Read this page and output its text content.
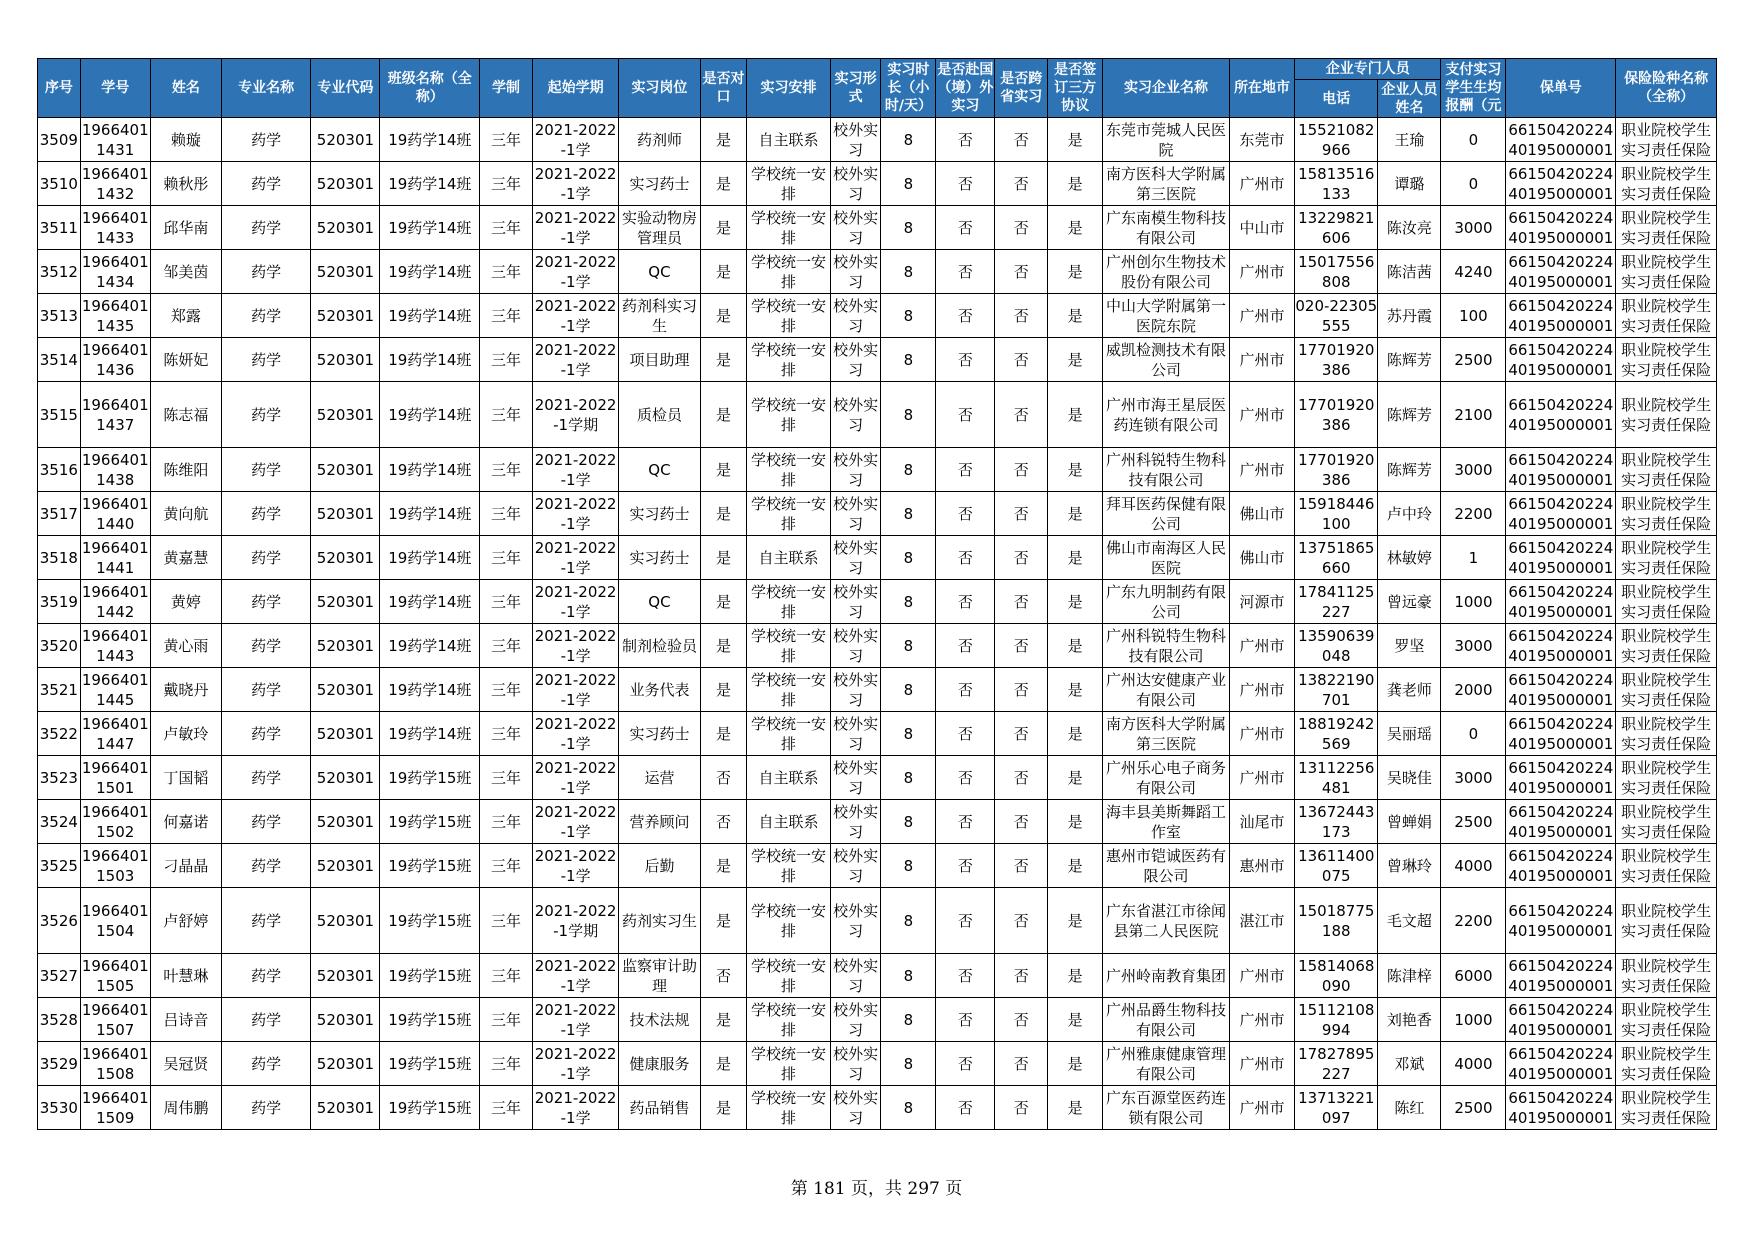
序号	学号	姓名	专业名称	专业代码	班级名称（全称）	学制	起始学期	实习岗位	是否对口	实习安排	实习形式	实习时长（小时/天）	是否赴国（境）外实习	是否跨省实习	是否签订三方协议	实习企业名称	所在地市	企业专门人员		支付实习学生生均报酬（元	保单号	保险险种名称（全称）
																		电话	企业人员姓名			

3509	19664011431	赖璇	药学	520301	19药学14班	三年	2021-2022-1学	药剂师	是	自主联系	校外实习	8	否	否	是	东莞市莞城人民医院	东莞市	15521082966	王瑜	0	6615042022440195000001	职业院校学生实习责任保险

3510	19664011432	赖秋彤	药学	520301	19药学14班	三年	2021-2022-1学	实习药士	是	学校统一安排	校外实习	8	否	否	是	南方医科大学附属第三医院	广州市	15813516133	谭璐	0	6615042022440195000001	职业院校学生实习责任保险

3511	19664011433	邱华南	药学	520301	19药学14班	三年	2021-2022-1学	实验动物房管理员	是	学校统一安排	校外实习	8	否	否	是	广东南模生物科技有限公司	中山市	13229821606	陈汝亮	3000	6615042022440195000001	职业院校学生实习责任保险

3512	19664011434	邹美茵	药学	520301	19药学14班	三年	2021-2022-1学	QC	是	学校统一安排	校外实习	8	否	否	是	广州创尔生物技术股份有限公司	广州市	15017556808	陈洁茜	4240	6615042022440195000001	职业院校学生实习责任保险

3513	19664011435	郑露	药学	520301	19药学14班	三年	2021-2022-1学	药剂科实习生	是	学校统一安排	校外实习	8	否	否	是	中山大学附属第一医院东院	广州市	020-22305555	苏丹霞	100	6615042022440195000001	职业院校学生实习责任保险

3514	19664011436	陈妍妃	药学	520301	19药学14班	三年	2021-2022-1学	项目助理	是	学校统一安排	校外实习	8	否	否	是	威凯检测技术有限公司	广州市	17701920386	陈辉芳	2500	6615042022440195000001	职业院校学生实习责任保险

3515	19664011437	陈志福	药学	520301	19药学14班	三年	2021-2022-1学期	质检员	是	学校统一安排	校外实习	8	否	否	是	广州市海王星辰医药连锁有限公司	广州市	17701920386	陈辉芳	2100	6615042022440195000001	职业院校学生实习责任保险

3516	19664011438	陈维阳	药学	520301	19药学14班	三年	2021-2022-1学	QC	是	学校统一安排	校外实习	8	否	否	是	广州科锐特生物科技有限公司	广州市	17701920386	陈辉芳	3000	6615042022440195000001	职业院校学生实习责任保险

3517	19664011440	黄向航	药学	520301	19药学14班	三年	2021-2022-1学	实习药士	是	学校统一安排	校外实习	8	否	否	是	拜耳医药保健有限公司	佛山市	15918446100	卢中玲	2200	6615042022440195000001	职业院校学生实习责任保险

3518	19664011441	黄嘉慧	药学	520301	19药学14班	三年	2021-2022-1学	实习药士	是	自主联系	校外实习	8	否	否	是	佛山市南海区人民医院	佛山市	13751865660	林敏婷	1	6615042022440195000001	职业院校学生实习责任保险

3519	19664011442	黄婷	药学	520301	19药学14班	三年	2021-2022-1学	QC	是	学校统一安排	校外实习	8	否	否	是	广东九明制药有限公司	河源市	17841125227	曾远豪	1000	6615042022440195000001	职业院校学生实习责任保险

3520	19664011443	黄心雨	药学	520301	19药学14班	三年	2021-2022-1学	制剂检验员	是	学校统一安排	校外实习	8	否	否	是	广州科锐特生物科技有限公司	广州市	13590639048	罗坚	3000	6615042022440195000001	职业院校学生实习责任保险

3521	19664011445	戴晓丹	药学	520301	19药学14班	三年	2021-2022-1学	业务代表	是	学校统一安排	校外实习	8	否	否	是	广州达安健康产业有限公司	广州市	13822190701	龚老师	2000	6615042022440195000001	职业院校学生实习责任保险

3522	19664011447	卢敏玲	药学	520301	19药学14班	三年	2021-2022-1学	实习药士	是	学校统一安排	校外实习	8	否	否	是	南方医科大学附属第三医院	广州市	18819242569	吴丽瑶	0	6615042022440195000001	职业院校学生实习责任保险

3523	19664011501	丁国韬	药学	520301	19药学15班	三年	2021-2022-1学	运营	否	自主联系	校外实习	8	否	否	是	广州乐心电子商务有限公司	广州市	13112256481	吴晓佳	3000	6615042022440195000001	职业院校学生实习责任保险

3524	19664011502	何嘉诺	药学	520301	19药学15班	三年	2021-2022-1学	营养顾问	否	自主联系	校外实习	8	否	否	是	海丰县美斯舞蹈工作室	汕尾市	13672443173	曾蝉娟	2500	6615042022440195000001	职业院校学生实习责任保险

3525	19664011503	刁晶晶	药学	520301	19药学15班	三年	2021-2022-1学	后勤	是	学校统一安排	校外实习	8	否	否	是	惠州市铠诚医药有限公司	惠州市	13611400075	曾琳玲	4000	6615042022440195000001	职业院校学生实习责任保险

3526	19664011504	卢舒婷	药学	520301	19药学15班	三年	2021-2022-1学期	药剂实习生	是	学校统一安排	校外实习	8	否	否	是	广东省湛江市徐闻县第二人民医院	湛江市	15018775188	毛文超	2200	6615042022440195000001	职业院校学生实习责任保险

3527	19664011505	叶慧琳	药学	520301	19药学15班	三年	2021-2022-1学	监察审计助理	否	学校统一安排	校外实习	8	否	否	是	广州岭南教育集团	广州市	15814068090	陈津梓	6000	6615042022440195000001	职业院校学生实习责任保险

3528	19664011507	吕诗音	药学	520301	19药学15班	三年	2021-2022-1学	技术法规	是	学校统一安排	校外实习	8	否	否	是	广州品爵生物科技有限公司	广州市	15112108994	刘艳香	1000	6615042022440195000001	职业院校学生实习责任保险

3529	19664011508	吴冠贤	药学	520301	19药学15班	三年	2021-2022-1学	健康服务	是	学校统一安排	校外实习	8	否	否	是	广州雅康健康管理有限公司	广州市	17827895227	邓斌	4000	6615042022440195000001	职业院校学生实习责任保险

3530	19664011509	周伟鹏	药学	520301	19药学15班	三年	2021-2022-1学	药品销售	是	学校统一安排	校外实习	8	否	否	是	广东百源堂医药连锁有限公司	广州市	13713221097	陈红	2500	6615042022440195000001	职业院校学生实习责任保险
第 181 页，共 297 页
